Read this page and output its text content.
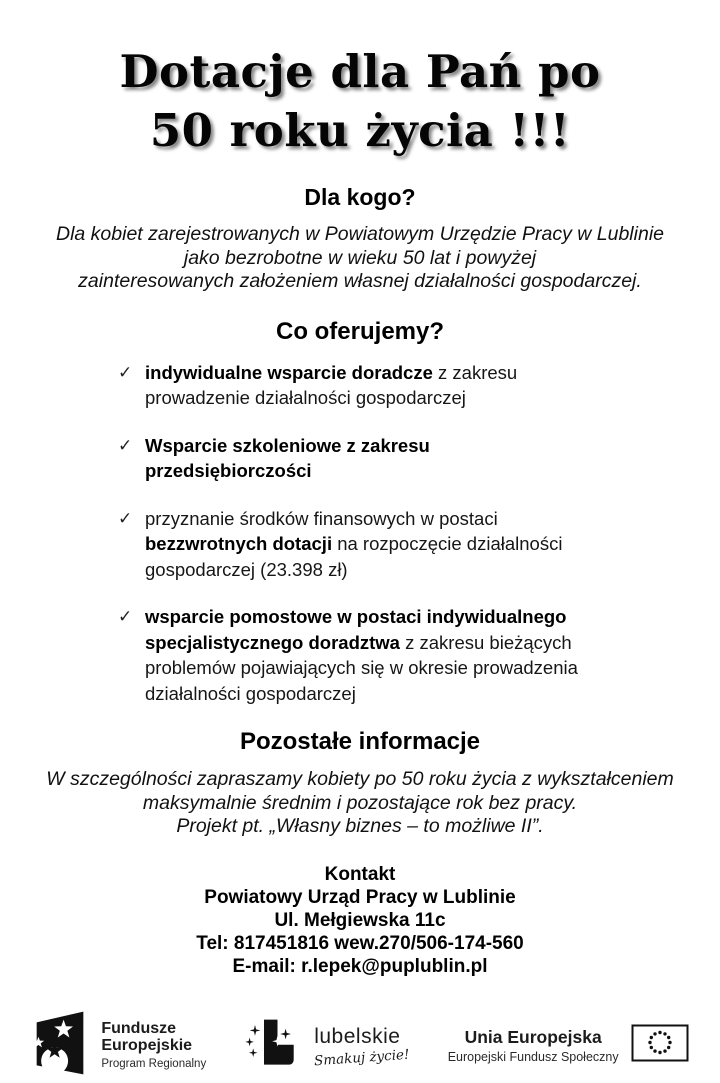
Dotacje dla Pań po
50 roku życia !!!
Dla kogo?
Dla kobiet zarejestrowanych w Powiatowym Urzędzie Pracy w Lublinie
jako bezrobotne w wieku 50 lat i powyżej
zainteresowanych założeniem własnej działalności gospodarczej.
Co oferujemy?
✓ indywidualne wsparcie doradcze z zakresu prowadzenie działalności gospodarczej
✓ Wsparcie szkoleniowe z zakresu przedsiębiorczości
✓ przyznanie środków finansowych w postaci bezzwrotnych dotacji na rozpoczęcie działalności gospodarczej (23.398 zł)
✓ wsparcie pomostowe w postaci indywidualnego specjalistycznego doradztwa z zakresu bieżących problemów pojawiających się w okresie prowadzenia działalności gospodarczej
Pozostałe informacje
W szczególności zapraszamy kobiety po 50 roku życia z wykształceniem
maksymalnie średnim i pozostające rok bez pracy.
Projekt pt. „Własny biznes – to możliwe II”.
Kontakt
Powiatowy Urząd Pracy w Lublinie
Ul. Mełgiewska 11c
Tel: 817451816 wew.270/506-174-560
E-mail: r.lepek@puplublin.pl
Fundusze
Europejskie
Program Regionalny
lubelskie
Smakuj życie!
Unia Europejska
Europejski Fundusz Społeczny
